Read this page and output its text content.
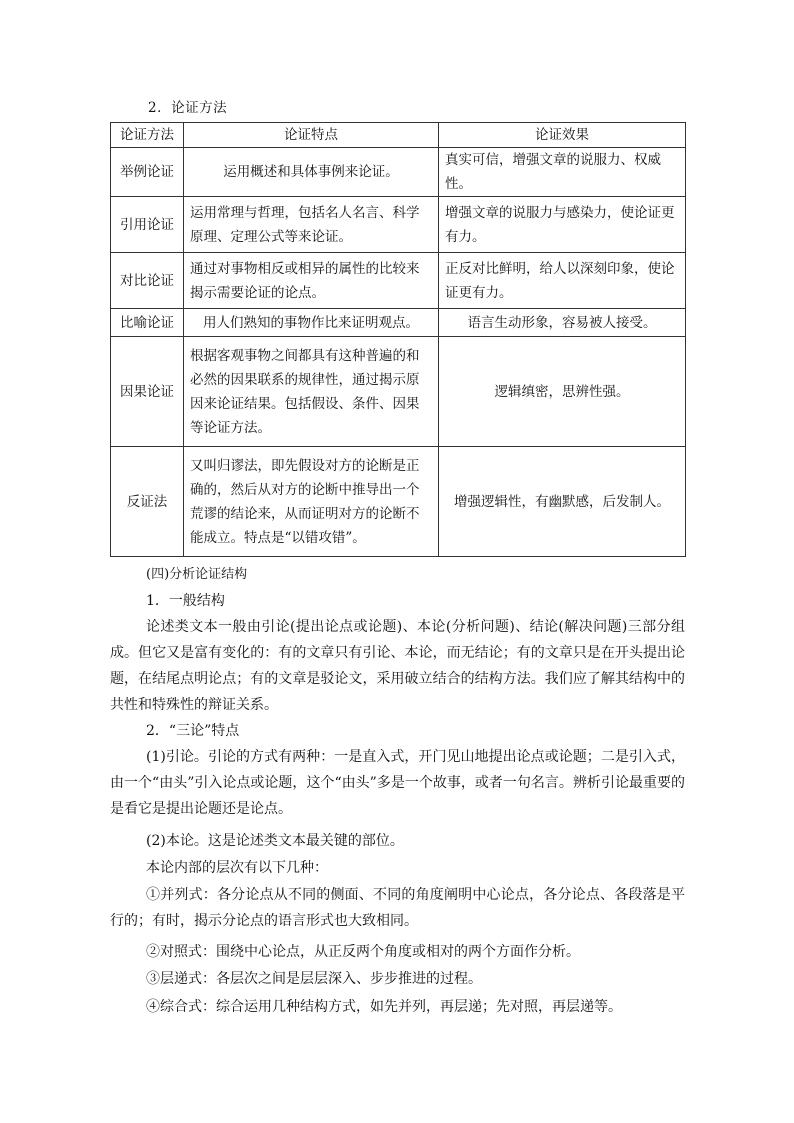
2．论证方法
论证方法	论证特点	论证效果
举例论证	运用概述和具体事例来论证。	真实可信，增强文章的说服力、权威性。
引用论证	运用常理与哲理，包括名人名言、科学原理、定理公式等来论证。	增强文章的说服力与感染力，使论证更有力。
对比论证	通过对事物相反或相异的属性的比较来揭示需要论证的论点。	正反对比鲜明，给人以深刻印象，使论证更有力。
比喻论证	用人们熟知的事物作比来证明观点。	语言生动形象，容易被人接受。
因果论证	根据客观事物之间都具有这种普遍的和必然的因果联系的规律性，通过揭示原因来论证结果。包括假设、条件、因果等论证方法。	逻辑缜密，思辨性强。
反证法	又叫归谬法，即先假设对方的论断是正确的，然后从对方的论断中推导出一个荒谬的结论来，从而证明对方的论断不能成立。特点是“以错攻错”。	增强逻辑性，有幽默感，后发制人。
(四)分析论证结构
1．一般结构
论述类文本一般由引论(提出论点或论题)、本论(分析问题)、结论(解决问题)三部分组成。但它又是富有变化的：有的文章只有引论、本论，而无结论；有的文章只是在开头提出论题，在结尾点明论点；有的文章是驳论文，采用破立结合的结构方法。我们应了解其结构中的共性和特殊性的辩证关系。
2．“三论”特点
(1)引论。引论的方式有两种：一是直入式，开门见山地提出论点或论题；二是引入式，由一个“由头”引入论点或论题，这个“由头”多是一个故事，或者一句名言。辨析引论最重要的是看它是提出论题还是论点。
(2)本论。这是论述类文本最关键的部位。
本论内部的层次有以下几种：
①并列式：各分论点从不同的侧面、不同的角度阐明中心论点，各分论点、各段落是平行的；有时，揭示分论点的语言形式也大致相同。
②对照式：围绕中心论点，从正反两个角度或相对的两个方面作分析。
③层递式：各层次之间是层层深入、步步推进的过程。
④综合式：综合运用几种结构方式，如先并列，再层递；先对照，再层递等。
